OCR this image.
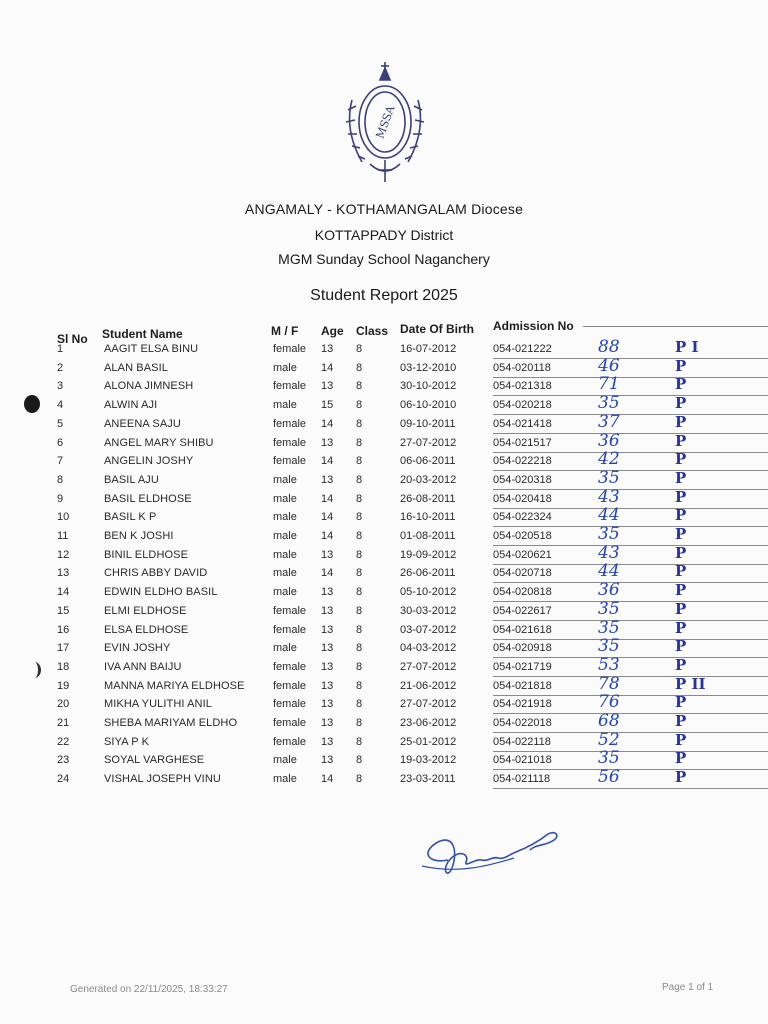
MSSA
ANGAMALY - KOTHAMANGALAM Diocese
KOTTAPPADY District
MGM Sunday School Naganchery
Student Report 2025
Sl No Student Name	M / F Age Class Date Of Birth Admission No
1	AAGIT ELSA BINU	female 13 8	16-07-2012	054-021222	88	P I
2	ALAN BASIL	male 14 8	03-12-2010	054-020118	46	P
3	ALONA JIMNESH	female 13 8	30-10-2012	054-021318	71	P
4	ALWIN AJI	male 15 8	06-10-2010	054-020218	35	P
5	ANEENA SAJU	female 14 8	09-10-2011	054-021418	37	P
6	ANGEL MARY SHIBU	female 13 8	27-07-2012	054-021517	36	P
7	ANGELIN JOSHY	female 14 8	06-06-2011	054-022218	42	P
8	BASIL AJU	male 13 8	20-03-2012	054-020318	35	P
9	BASIL ELDHOSE	male 14 8	26-08-2011	054-020418	43	P
10	BASIL K P	male 14 8	16-10-2011	054-022324	44	P
11	BEN K JOSHI	male 14 8	01-08-2011	054-020518	35	P
12	BINIL ELDHOSE	male 13 8	19-09-2012	054-020621	43	P
13	CHRIS ABBY DAVID	male 14 8	26-06-2011	054-020718	44	P
14	EDWIN ELDHO BASIL	male 13 8	05-10-2012	054-020818	36	P
15	ELMI ELDHOSE	female 13 8	30-03-2012	054-022617	35	P
16	ELSA ELDHOSE	female 13 8	03-07-2012	054-021618	35	P
17	EVIN JOSHY	male 13 8	04-03-2012	054-020918	35	P
18	IVA ANN BAIJU	female 13 8	27-07-2012	054-021719	53	P
19	MANNA MARIYA ELDHOSE	female 13 8	21-06-2012	054-021818	78	P II
20	MIKHA YULITHI ANIL	female 13 8	27-07-2012	054-021918	76	P
21	SHEBA MARIYAM ELDHO	female 13 8	23-06-2012	054-022018	68	P
22	SIYA P K	female 13 8	25-01-2012	054-022118	52	P
23	SOYAL VARGHESE	male 13 8	19-03-2012	054-021018	35	P
24	VISHAL JOSEPH VINU	male 14 8	23-03-2011	054-021118	56	P
Generated on 22/11/2025, 18:33:27	Page 1 of 1
